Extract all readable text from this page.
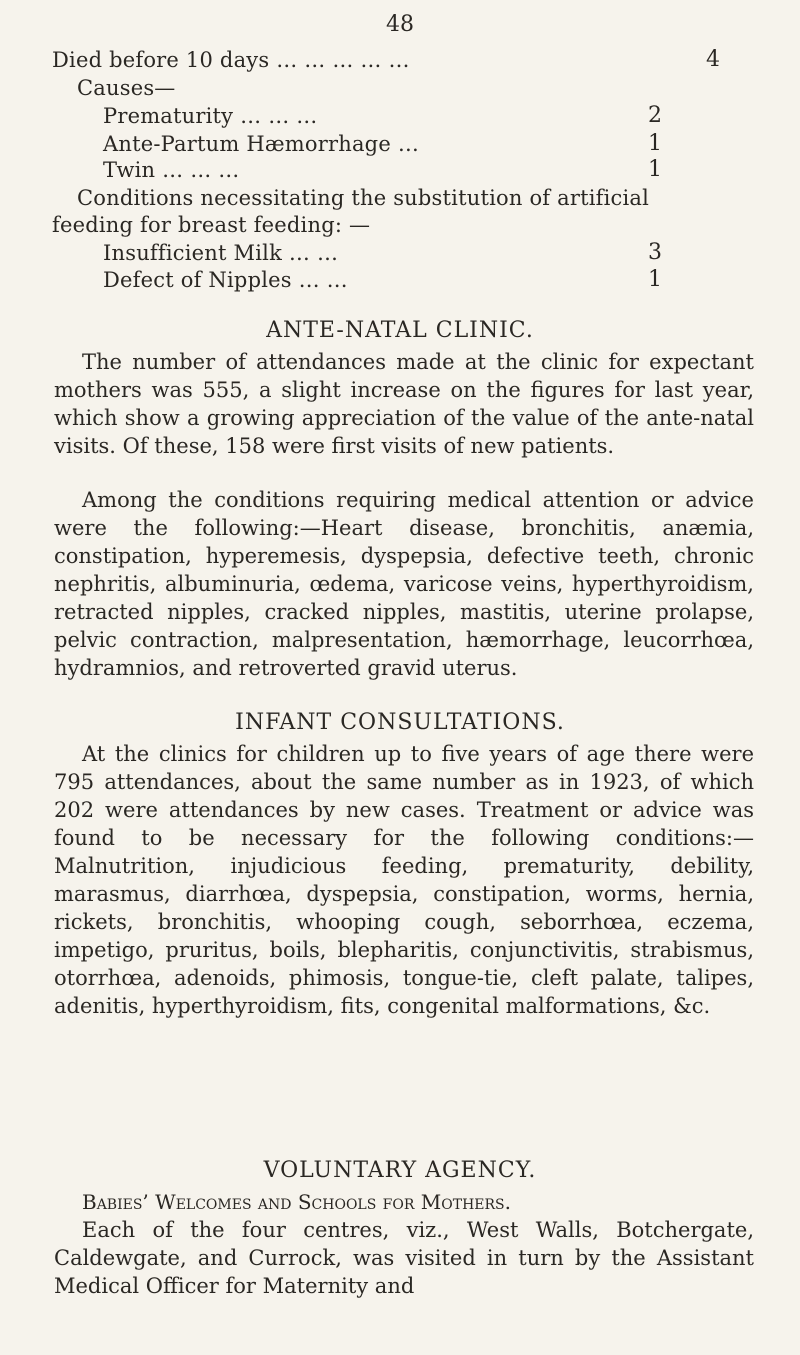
48
Died before 10 days … … … … …	4
Causes—
Prematurity … … …	2
Ante-Partum Hæmorrhage …	1
Twin … … …	1
Conditions necessitating the substitution of artificial
feeding for breast feeding: —
Insufficient Milk … …	3
Defect of Nipples … …	1
ANTE-NATAL CLINIC.
The number of attendances made at the clinic for expectant mothers was 555, a slight increase on the figures for last year, which show a growing appreciation of the value of the ante-natal visits. Of these, 158 were first visits of new patients.
Among the conditions requiring medical attention or advice were the following:—Heart disease, bronchitis, anæmia, constipation, hyperemesis, dyspepsia, defective teeth, chronic nephritis, albuminuria, œdema, varicose veins, hyperthyroidism, retracted nipples, cracked nipples, mastitis, uterine prolapse, pelvic contraction, malpresentation, hæmorrhage, leucorrhœa, hydramnios, and retroverted gravid uterus.
INFANT CONSULTATIONS.
At the clinics for children up to five years of age there were 795 attendances, about the same number as in 1923, of which 202 were attendances by new cases. Treatment or advice was found to be necessary for the following conditions:—Malnutrition, injudicious feeding, prematurity, debility, marasmus, diarrhœa, dyspepsia, constipation, worms, hernia, rickets, bronchitis, whooping cough, seborrhœa, eczema, impetigo, pruritus, boils, blepharitis, conjunctivitis, strabismus, otorrhœa, adenoids, phimosis, tongue-tie, cleft palate, talipes, adenitis, hyperthyroidism, fits, congenital malformations, &c.
VOLUNTARY AGENCY.
Babies’ Welcomes and Schools for Mothers.
Each of the four centres, viz., West Walls, Botchergate, Caldewgate, and Currock, was visited in turn by the Assistant Medical Officer for Maternity and
